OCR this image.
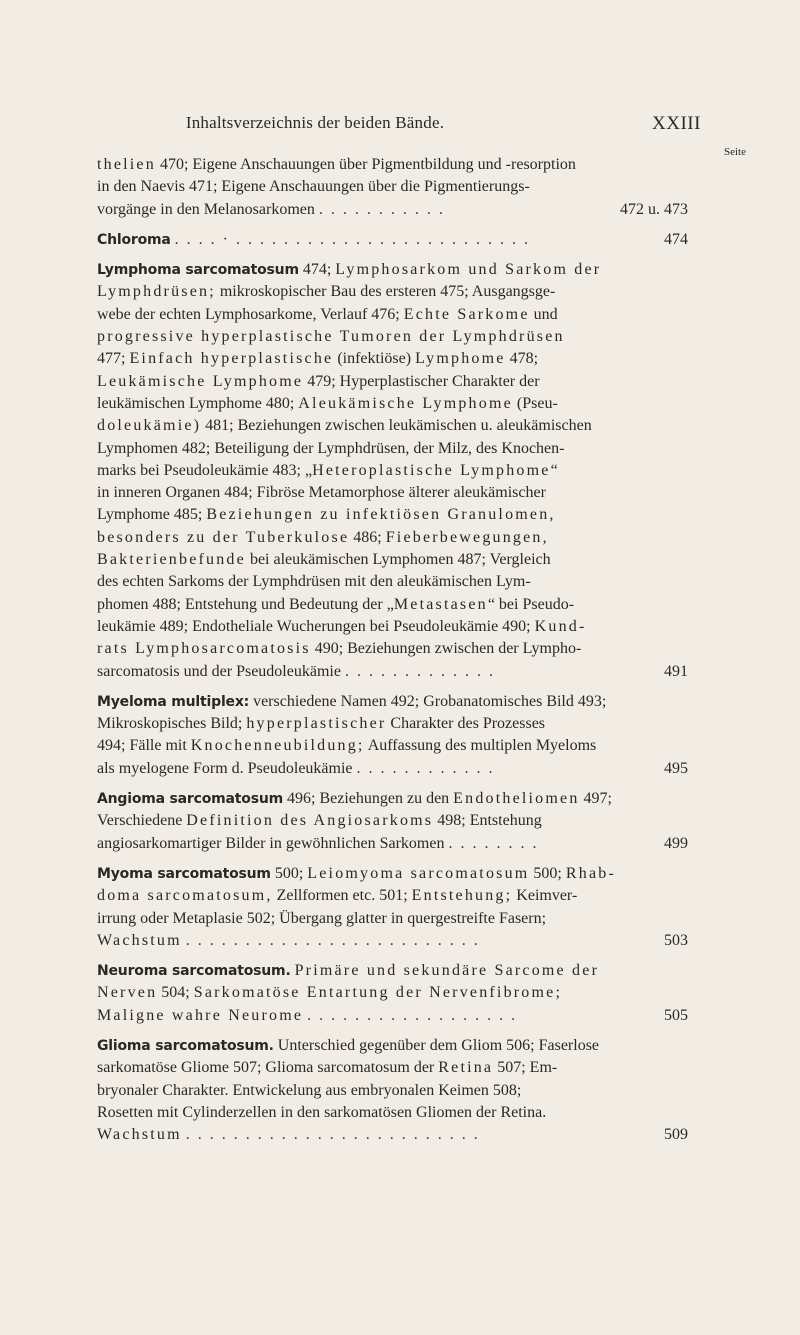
Inhaltsverzeichnis der beiden Bände.	XXIII
Seite
thelien 470; Eigene Anschauungen über Pigmentbildung und -resorption
in den Naevis 471; Eigene Anschauungen über die Pigmentierungs-
vorgänge in den Melanosarkomen . . . . . . . . . . .	472 u. 473
Chloroma . . . . · . . . . . . . . . . . . . . . . . . . . . . . . .	474
Lymphoma sarcomatosum 474; Lymphosarkom und Sarkom der
Lymphdrüsen; mikroskopischer Bau des ersteren 475; Ausgangsge-
webe der echten Lymphosarkome, Verlauf 476; Echte Sarkome und
progressive hyperplastische Tumoren der Lymphdrüsen
477; Einfach hyperplastische (infektiöse) Lymphome 478;
Leukämische Lymphome 479; Hyperplastischer Charakter der
leukämischen Lymphome 480; Aleukämische Lymphome (Pseu-
doleukämie) 481; Beziehungen zwischen leukämischen u. aleukämischen
Lymphomen 482; Beteiligung der Lymphdrüsen, der Milz, des Knochen-
marks bei Pseudoleukämie 483; „Heteroplastische Lymphome“
in inneren Organen 484; Fibröse Metamorphose älterer aleukämischer
Lymphome 485; Beziehungen zu infektiösen Granulomen,
besonders zu der Tuberkulose 486; Fieberbewegungen,
Bakterienbefunde bei aleukämischen Lymphomen 487; Vergleich
des echten Sarkoms der Lymphdrüsen mit den aleukämischen Lym-
phomen 488; Entstehung und Bedeutung der „Metastasen“ bei Pseudo-
leukämie 489; Endotheliale Wucherungen bei Pseudoleukämie 490; Kund-
rats Lymphosarcomatosis 490; Beziehungen zwischen der Lympho-
sarcomatosis und der Pseudoleukämie . . . . . . . . . . . . .	491
Myeloma multiplex: verschiedene Namen 492; Grobanatomisches Bild 493;
Mikroskopisches Bild; hyperplastischer Charakter des Prozesses
494; Fälle mit Knochenneubildung; Auffassung des multiplen Myeloms
als myelogene Form d. Pseudoleukämie . . . . . . . . . . . .	495
Angioma sarcomatosum 496; Beziehungen zu den Endotheliomen 497;
Verschiedene Definition des Angiosarkoms 498; Entstehung
angiosarkomartiger Bilder in gewöhnlichen Sarkomen . . . . . . . .	499
Myoma sarcomatosum 500; Leiomyoma sarcomatosum 500; Rhab-
doma sarcomatosum, Zellformen etc. 501; Entstehung; Keimver-
irrung oder Metaplasie 502; Übergang glatter in quergestreifte Fasern;
Wachstum . . . . . . . . . . . . . . . . . . . . . . . . .	503
Neuroma sarcomatosum. Primäre und sekundäre Sarcome der
Nerven 504; Sarkomatöse Entartung der Nervenfibrome;
Maligne wahre Neurome . . . . . . . . . . . . . . . . . .	505
Glioma sarcomatosum. Unterschied gegenüber dem Gliom 506; Faserlose
sarkomatöse Gliome 507; Glioma sarcomatosum der Retina 507; Em-
bryonaler Charakter. Entwickelung aus embryonalen Keimen 508;
Rosetten mit Cylinderzellen in den sarkomatösen Gliomen der Retina.
Wachstum . . . . . . . . . . . . . . . . . . . . . . . . .	509
